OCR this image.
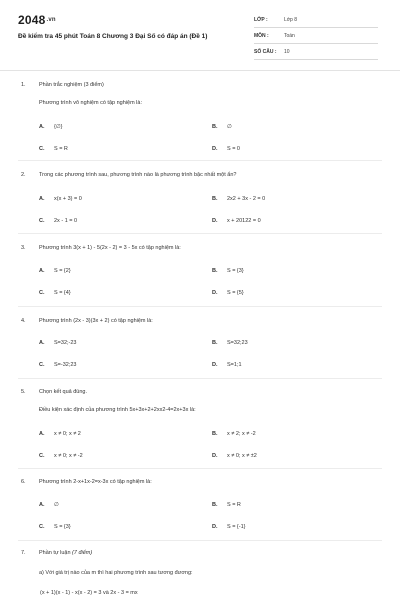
$2048^{.vn}$
Đề kiểm tra 45 phút Toán 8 Chương 3 Đại Số có đáp án (Đề 1)
LỚP :	Lớp 8
MÔN :	Toán
SỐ CÂU : 10
1. Phần trắc nghiệm (3 điểm)
Phương trình vô nghiệm có tập nghiệm là:
A. {∅}	B. ∅
C. S = R	D. S = 0
2. Trong các phương trình sau, phương trình nào là phương trình bậc nhất một ẩn?
A. x(x + 3) = 0	B. 2x2 + 3x - 2 = 0
C. 2x - 1 = 0	D. x + 20122 = 0
3. Phương trình 3(x + 1) - 5(2x - 2) = 3 - 5x có tập nghiệm là:
A. S = {2}	B. S = {3}
C. S = {4}	D. S = {5}
4. Phương trình (2x - 3)(3x + 2) có tập nghiệm là:
A. S=32;-23	B. S=32;23
C. S=-32;23	D. S=1;1
5. Chọn kết quả đúng.
Điều kiện xác định của phương trình 5x+3x+2+2xx2-4=2x+3x là:
A. x ≠ 0; x ≠ 2	B. x ≠ 2; x ≠ -2
C. x ≠ 0; x ≠ -2	D. x ≠ 0; x ≠ ±2
6. Phương trình 2-x+1x-2=x-3x có tập nghiệm là:
A. ∅	B. S = R
C. S = {3}	D. S = {-1}
7. Phần tự luận (7 điểm)
a) Với giá trị nào của m thì hai phương trình sau tương đương:
(x + 1)(x - 1) - x(x - 2) = 3 và 2x - 3 = mx
